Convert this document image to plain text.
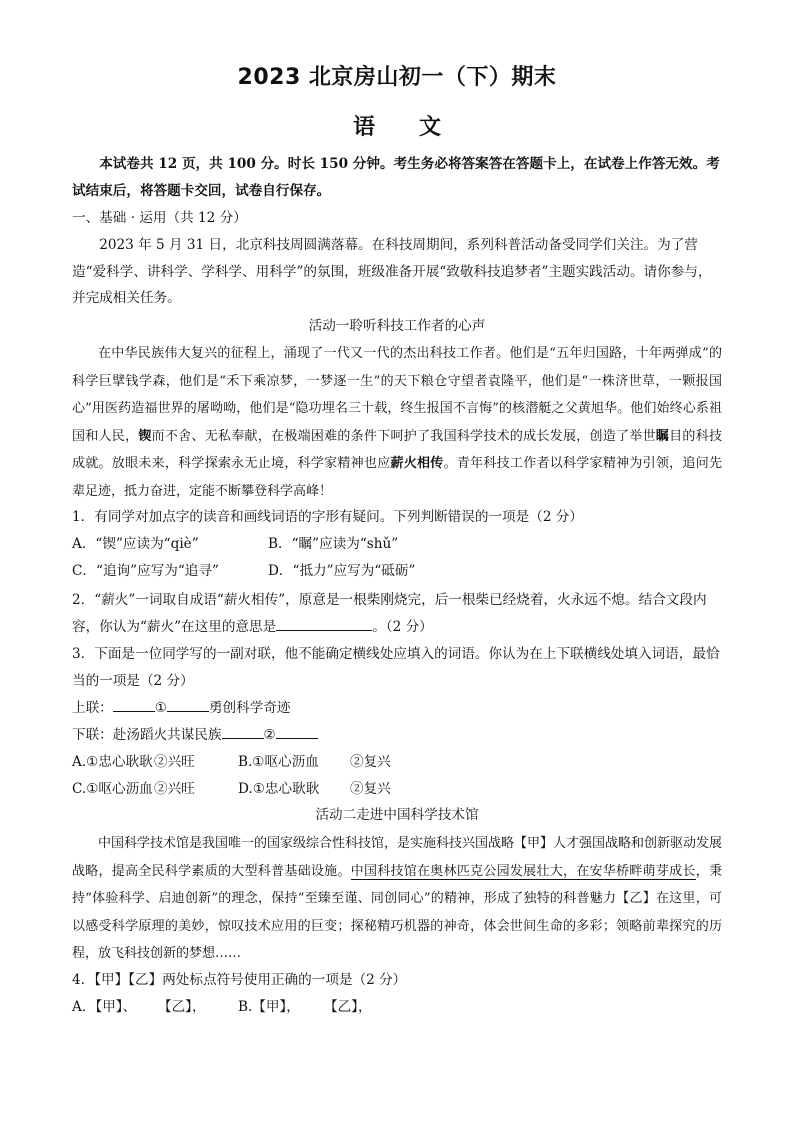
2023 北京房山初一（下）期末
语 文
本试卷共 12 页，共 100 分。时长 150 分钟。考生务必将答案答在答题卡上，在试卷上作答无效。考试结束后，将答题卡交回，试卷自行保存。
一、基础 · 运用（共 12 分）
2023 年 5 月 31 日，北京科技周圆满落幕。在科技周期间，系列科普活动备受同学们关注。为了营造“爱科学、讲科学、学科学、用科学”的氛围，班级准备开展“致敬科技追梦者”主题实践活动。请你参与，并完成相关任务。
活动一聆听科技工作者的心声
在中华民族伟大复兴的征程上，涌现了一代又一代的杰出科技工作者。他们是“五年归国路，十年两弹成”的科学巨擘钱学森，他们是“禾下乘凉梦，一梦逐一生”的天下粮仓守望者袁隆平，他们是“一株济世草，一颗报国心”用医药造福世界的屠呦呦，他们是“隐功埋名三十载，终生报国不言悔”的核潜艇之父黄旭华。他们始终心系祖国和人民，锲而不舍、无私奉献，在极端困难的条件下呵护了我国科学技术的成长发展，创造了举世瞩目的科技成就。放眼未来，科学探索永无止境，科学家精神也应薪火相传。青年科技工作者以科学家精神为引领，追问先辈足迹，抵力奋进，定能不断攀登科学高峰！
1．有同学对加点字的读音和画线词语的字形有疑问。下列判断错误的一项是（2 分）
A．“锲”应读为“qiè”	B．“瞩”应读为“shǔ”
C．“追询”应写为“追寻”	D．“抵力”应写为“砥砺”
2．“薪火”一词取自成语“薪火相传”，原意是一根柴刚烧完，后一根柴已经烧着，火永远不熄。结合文段内容，你认为“薪火”在这里的意思是	。（2 分）
3．下面是一位同学写的一副对联，他不能确定横线处应填入的词语。你认为在上下联横线处填入词语，最恰当的一项是（2 分）
上联：	①	勇创科学奇迹
下联：赴汤蹈火共谋民族	②
A.①忠心耿耿 ②兴旺	B.①呕心沥血	②复兴
C.①呕心沥血 ②兴旺	D.①忠心耿耿	②复兴
活动二走进中国科学技术馆
中国科学技术馆是我国唯一的国家级综合性科技馆，是实施科技兴国战略【甲】人才强国战略和创新驱动发展战略，提高全民科学素质的大型科普基础设施。中国科技馆在奥林匹克公园发展壮大，在安华桥畔萌芽成长，秉持“体验科学、启迪创新”的理念，保持“至臻至谨、同创同心”的精神，形成了独特的科普魅力【乙】在这里，可以感受科学原理的美妙，惊叹技术应用的巨变；探秘精巧机器的神奇，体会世间生命的多彩；领略前辈探究的历程，放飞科技创新的梦想……
4．【甲】【乙】两处标点符号使用正确的一项是（2 分）
A．【甲】、	【乙】，	B.【甲】，	【乙】，
